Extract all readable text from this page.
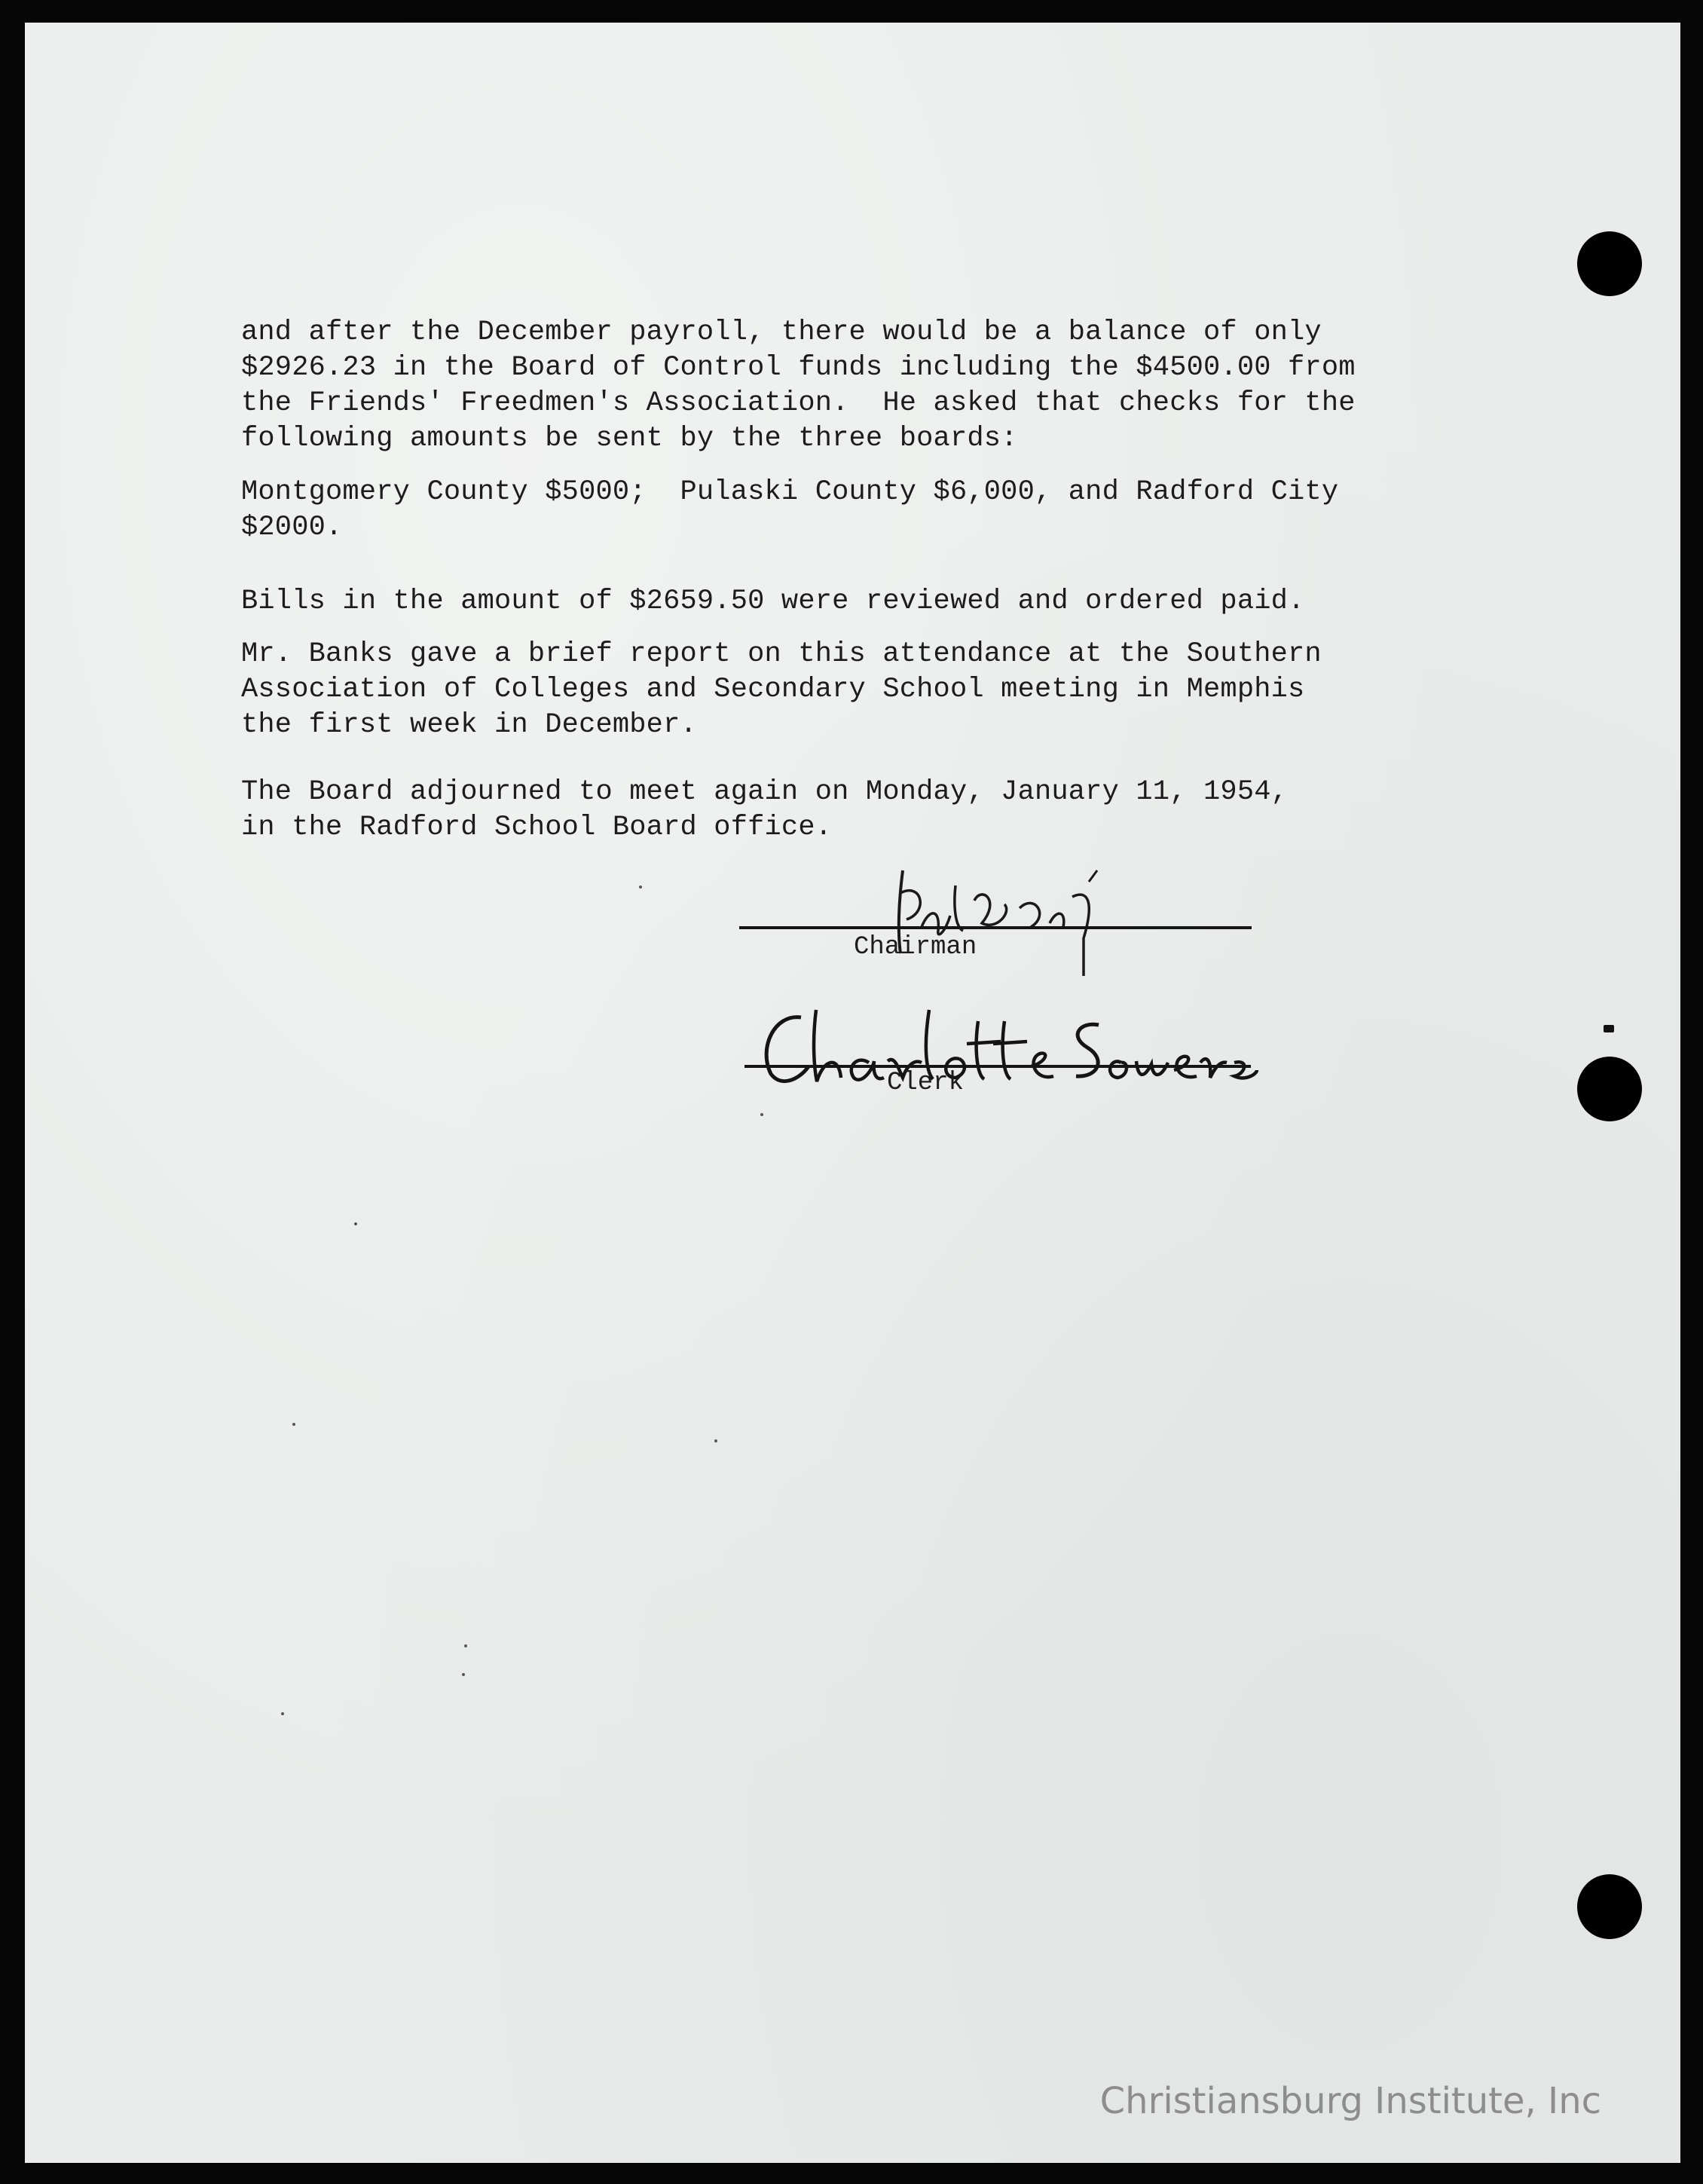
and after the December payroll, there would be a balance of only
$2926.23 in the Board of Control funds including the $4500.00 from
the Friends' Freedmen's Association.  He asked that checks for the
following amounts be sent by the three boards:

Montgomery County $5000;  Pulaski County $6,000, and Radford City
$2000.

Bills in the amount of $2659.50 were reviewed and ordered paid.

Mr. Banks gave a brief report on this attendance at the Southern
Association of Colleges and Secondary School meeting in Memphis
the first week in December.

The Board adjourned to meet again on Monday, January 11, 1954,
in the Radford School Board office.

Chairman
Clerk
Christiansburg Institute, Inc
